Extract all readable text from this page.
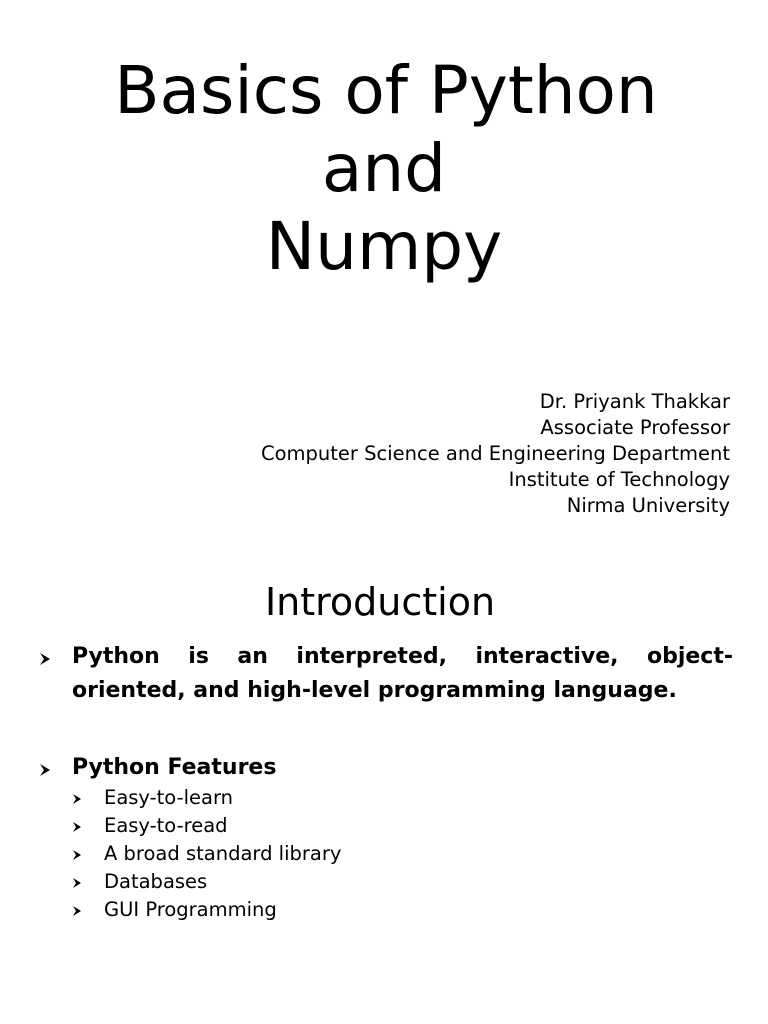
Basics of Python
and
Numpy
Dr. Priyank Thakkar
Associate Professor
Computer Science and Engineering Department
Institute of Technology
Nirma University
Introduction
Python is an interpreted, interactive, object-oriented, and high-level programming language.
Python Features
Easy-to-learn
Easy-to-read
A broad standard library
Databases
GUI Programming
